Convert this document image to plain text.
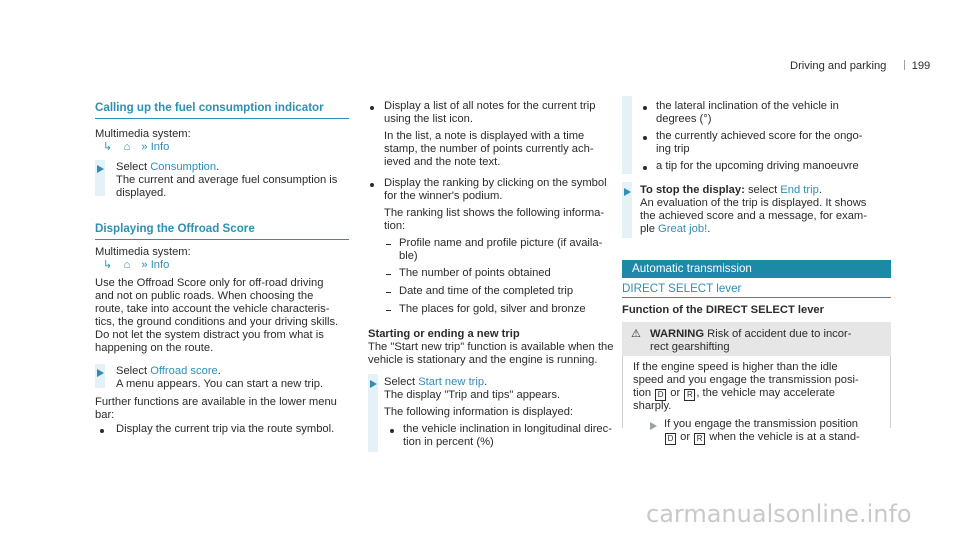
Driving and parking 199
Calling up the fuel consumption indicator
Multimedia system:
↳ ⌂ » Info
Select Consumption.
The current and average fuel consumption is
displayed.
Displaying the Offroad Score
Multimedia system:
↳ ⌂ » Info
Use the Offroad Score only for off-road driving
and not on public roads. When choosing the
route, take into account the vehicle characteris-
tics, the ground conditions and your driving skills.
Do not let the system distract you from what is
happening on the route.
Select Offroad score.
A menu appears. You can start a new trip.
Further functions are available in the lower menu
bar:
Display the current trip via the route symbol.
Display a list of all notes for the current trip
using the list icon.
In the list, a note is displayed with a time
stamp, the number of points currently ach-
ieved and the note text.
Display the ranking by clicking on the symbol
for the winner's podium.
The ranking list shows the following informa-
tion:
Profile name and profile picture (if availa-
ble)
The number of points obtained
Date and time of the completed trip
The places for gold, silver and bronze
Starting or ending a new trip
The "Start new trip" function is available when the
vehicle is stationary and the engine is running.
Select Start new trip.
The display "Trip and tips" appears.
The following information is displayed:
the vehicle inclination in longitudinal direc-
tion in percent (%)
the lateral inclination of the vehicle in
degrees (°)
the currently achieved score for the ongo-
ing trip
a tip for the upcoming driving manoeuvre
To stop the display: select End trip.
An evaluation of the trip is displayed. It shows
the achieved score and a message, for exam-
ple Great job!.
Automatic transmission
DIRECT SELECT lever
Function of the DIRECT SELECT lever
⚠ WARNING Risk of accident due to incor-
rect gearshifting
If the engine speed is higher than the idle
speed and you engage the transmission posi-
tion D or R , the vehicle may accelerate
sharply.
If you engage the transmission position
D or R when the vehicle is at a stand-
carmanualsonline.info
